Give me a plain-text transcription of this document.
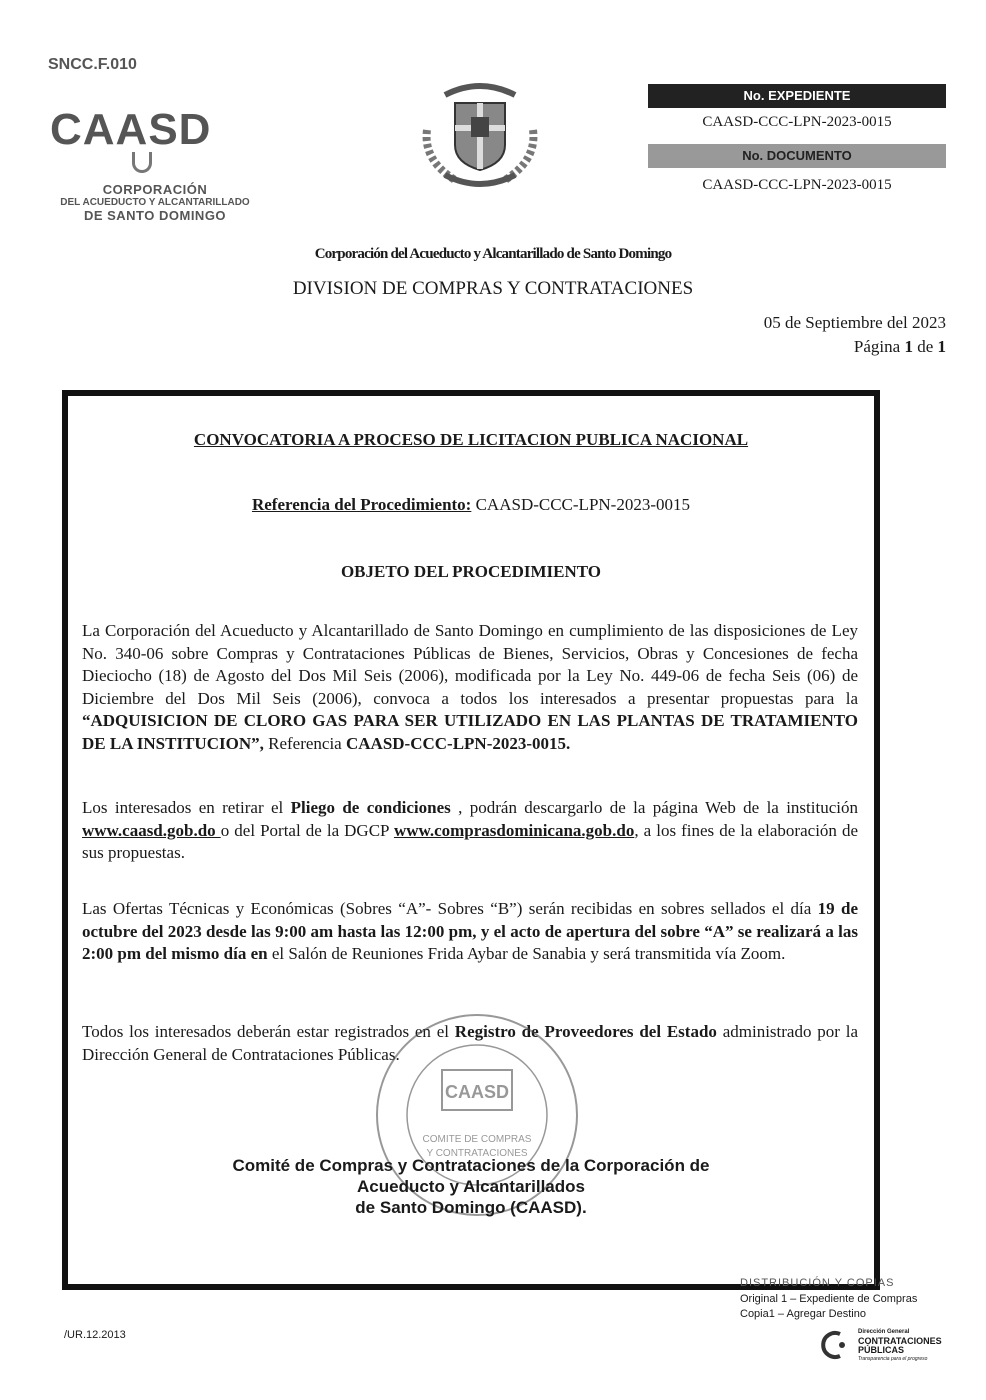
SNCC.F.010
CAASD
CORPORACIÓN
DEL ACUEDUCTO Y ALCANTARILLADO
DE SANTO DOMINGO
No. EXPEDIENTE
CAASD-CCC-LPN-2023-0015
No. DOCUMENTO
CAASD-CCC-LPN-2023-0015
Corporación del Acueducto y Alcantarillado de Santo Domingo
DIVISION DE COMPRAS Y CONTRATACIONES
05 de Septiembre del 2023
Página 1 de 1
CONVOCATORIA A PROCESO DE LICITACION PUBLICA NACIONAL
Referencia del Procedimiento: CAASD-CCC-LPN-2023-0015
OBJETO DEL PROCEDIMIENTO
La Corporación del Acueducto y Alcantarillado de Santo Domingo en cumplimiento de las disposiciones de Ley No. 340-06 sobre Compras y Contrataciones Públicas de Bienes, Servicios, Obras y Concesiones de fecha Dieciocho (18) de Agosto del Dos Mil Seis (2006), modificada por la Ley No. 449-06 de fecha Seis (06) de Diciembre del Dos Mil Seis (2006), convoca a todos los interesados a presentar propuestas para la “ADQUISICION DE CLORO GAS PARA SER UTILIZADO EN LAS PLANTAS DE TRATAMIENTO DE LA INSTITUCION”, Referencia CAASD-CCC-LPN-2023-0015.
Los interesados en retirar el Pliego de condiciones , podrán descargarlo de la página Web de la institución www.caasd.gob.do o del Portal de la DGCP www.comprasdominicana.gob.do, a los fines de la elaboración de sus propuestas.
Las Ofertas Técnicas y Económicas (Sobres “A”- Sobres “B”) serán recibidas en sobres sellados el día 19 de octubre del 2023 desde las 9:00 am hasta las 12:00 pm, y el acto de apertura del sobre “A” se realizará a las 2:00 pm del mismo día en el Salón de Reuniones Frida Aybar de Sanabia y será transmitida vía Zoom.
Todos los interesados deberán estar registrados en el Registro de Proveedores del Estado administrado por la Dirección General de Contrataciones Públicas.
CAASD
COMITE DE COMPRAS
Y CONTRATACIONES
Comité de Compras y Contrataciones de la Corporación de
Acueducto y Alcantarillados
de Santo Domingo (CAASD).
DISTRIBUCIÓN Y COPIAS
Original 1 – Expediente de Compras
Copia1 – Agregar Destino
/UR.12.2013	Dirección General
CONTRATACIONES
PÚBLICAS
Transparencia para el progreso
